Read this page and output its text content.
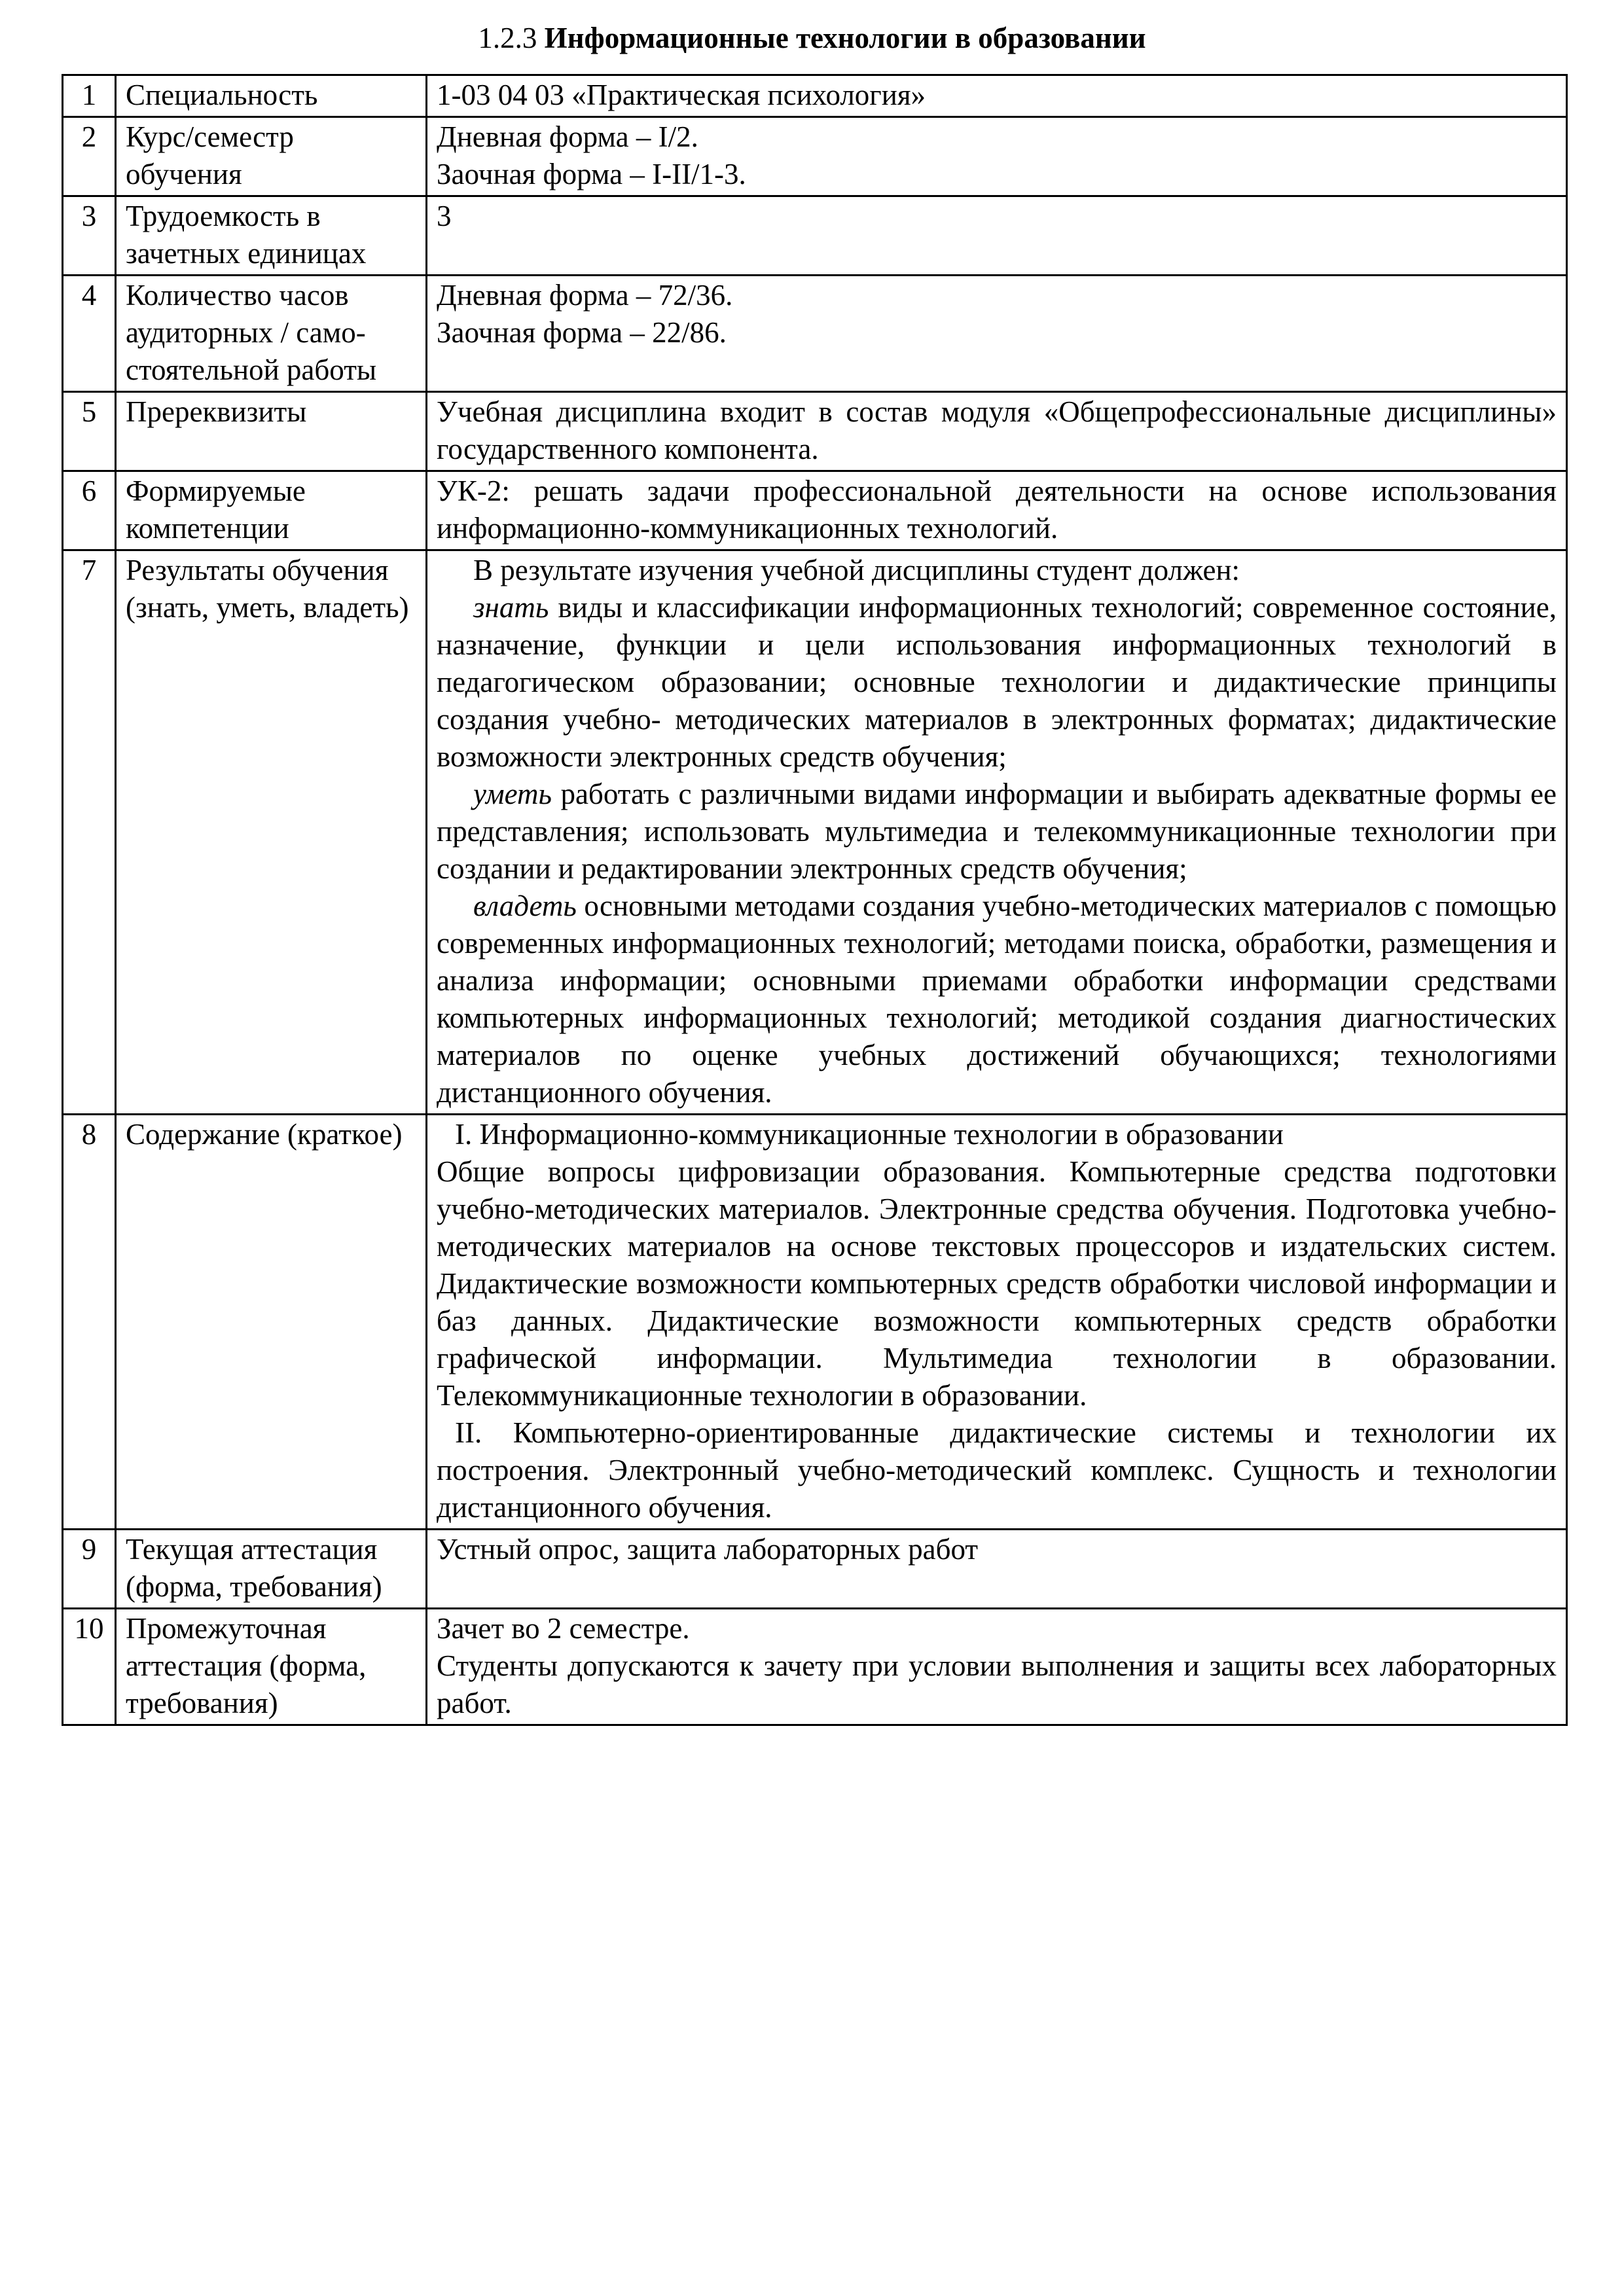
1.2.3 Информационные технологии в образовании
1	Специальность	1-03 04 03 «Практическая психология»

2	Курс/семестр обучения	Дневная форма – I/2.

Заочная форма – I-II/1-3.

3	Трудоемкость в зачетных единицах	3

4	Количество часов аудиторных / само-стоятельной работы	Дневная форма – 72/36.

Заочная форма – 22/86.

5	Пререквизиты	Учебная дисциплина входит в состав модуля «Общепрофессиональные дисциплины» государственного компонента.

6	Формируемые компетенции	УК-2: решать задачи профессиональной деятельности на основе использования информационно-коммуникационных технологий.

7	Результаты обучения (знать, уметь, владеть)	В результате изучения учебной дисциплины студент должен:

знать виды и классификации информационных технологий; современное состояние, назначение, функции и цели использования информационных технологий в педагогическом образовании; основные технологии и дидактические принципы создания учебно- методических материалов в электронных форматах; дидактические возможности электронных средств обучения;

уметь работать с различными видами информации и выбирать адекватные формы ее представления; использовать мультимедиа и телекоммуникационные технологии при создании и редактировании электронных средств обучения;

владеть основными методами создания учебно-методических материалов с помощью современных информационных технологий; методами поиска, обработки, размещения и анализа информации; основными приемами обработки информации средствами компьютерных информационных технологий; методикой создания диагностических материалов по оценке учебных достижений обучающихся; технологиями дистанционного обучения.

8	Содержание (краткое)	I. Информационно-коммуникационные технологии в образовании

Общие вопросы цифровизации образования. Компьютерные средства подготовки учебно-методических материалов. Электронные средства обучения. Подготовка учебно-методических материалов на основе текстовых процессоров и издательских систем. Дидактические возможности компьютерных средств обработки числовой информации и баз данных. Дидактические возможности компьютерных средств обработки графической информации. Мультимедиа технологии в образовании. Телекоммуникационные технологии в образовании.

II. Компьютерно-ориентированные дидактические системы и технологии их построения. Электронный учебно-методический комплекс. Сущность и технологии дистанционного обучения.

9	Текущая аттестация (форма, требования)	Устный опрос, защита лабораторных работ

10	Промежуточная аттестация (форма, требования)	Зачет во 2 семестре.

Студенты допускаются к зачету при условии выполнения и защиты всех лабораторных работ.
